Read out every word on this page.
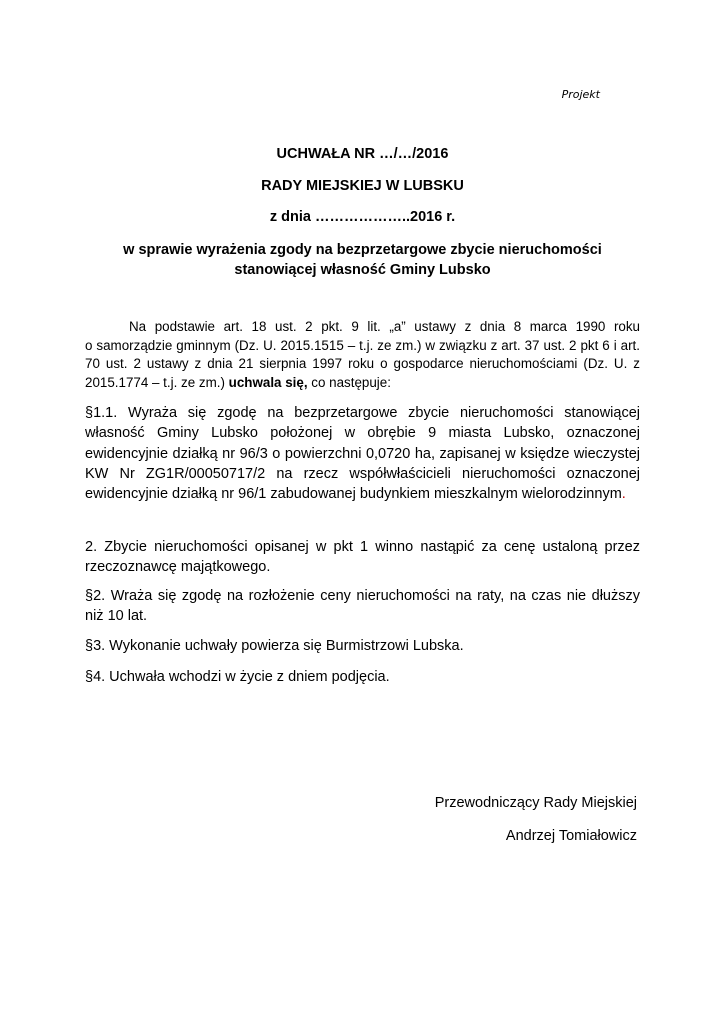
Projekt
UCHWAŁA NR …/…/2016
RADY MIEJSKIEJ W LUBSKU
z dnia ………………..2016 r.
w sprawie wyrażenia zgody na bezprzetargowe zbycie nieruchomości
stanowiącej własność Gminy Lubsko
Na podstawie art. 18 ust. 2 pkt. 9 lit. „a” ustawy z dnia 8 marca 1990 roku
o samorządzie gminnym (Dz. U. 2015.1515 – t.j. ze zm.) w związku z art. 37 ust. 2 pkt 6 i art. 70 ust. 2 ustawy z dnia 21 sierpnia 1997 roku o gospodarce nieruchomościami (Dz. U. z 2015.1774 – t.j. ze zm.) uchwala się, co następuje:
§1.1. Wyraża się zgodę na bezprzetargowe zbycie nieruchomości stanowiącej własność Gminy Lubsko położonej w obrębie 9 miasta Lubsko, oznaczonej ewidencyjnie działką nr 96/3 o powierzchni 0,0720 ha, zapisanej w księdze wieczystej KW Nr ZG1R/00050717/2 na rzecz współwłaścicieli nieruchomości oznaczonej ewidencyjnie działką nr 96/1 zabudowanej budynkiem mieszkalnym wielorodzinnym.
2. Zbycie nieruchomości opisanej w pkt 1 winno nastąpić za cenę ustaloną przez rzeczoznawcę majątkowego.
§2. Wraża się zgodę na rozłożenie ceny nieruchomości na raty, na czas nie dłuższy niż 10 lat.
§3. Wykonanie uchwały powierza się Burmistrzowi Lubska.
§4. Uchwała wchodzi w życie z dniem podjęcia.
Przewodniczący Rady Miejskiej
Andrzej Tomiałowicz
